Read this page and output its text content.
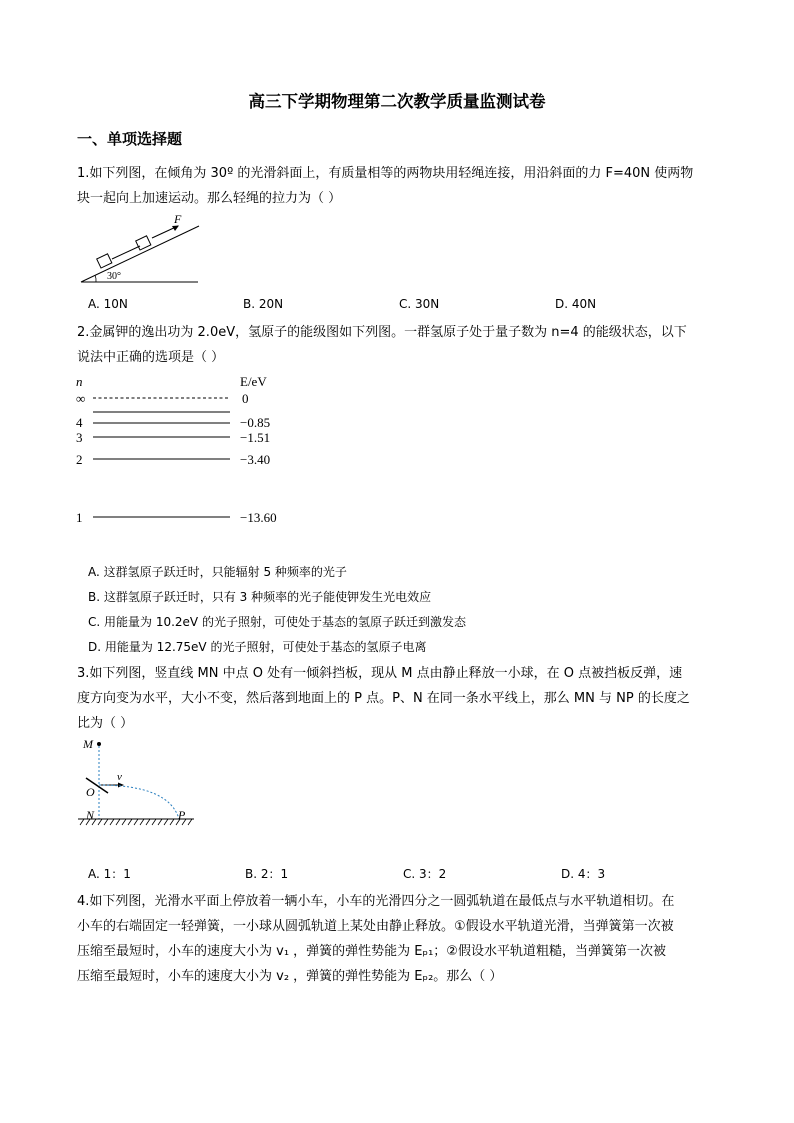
高三下学期物理第二次教学质量监测试卷
一、单项选择题
1.如下列图，在倾角为 30º 的光滑斜面上，有质量相等的两物块用轻绳连接，用沿斜面的力 F=40N 使两物
块一起向上加速运动。那么轻绳的拉力为（ ）
F
30°
A. 10N	B. 20N	C. 30N	D. 40N
2.金属钾的逸出功为 2.0eV，氢原子的能级图如下列图。一群氢原子处于量子数为 n=4 的能级状态，以下
说法中正确的选项是（ ）
n	E/eV
∞	0
4	−0.85
3	−1.51
2	−3.40
1	−13.60
A. 这群氢原子跃迁时，只能辐射 5 种频率的光子
B. 这群氢原子跃迁时，只有 3 种频率的光子能使钾发生光电效应
C. 用能量为 10.2eV 的光子照射，可使处于基态的氢原子跃迁到激发态
D. 用能量为 12.75eV 的光子照射，可使处于基态的氢原子电离
3.如下列图，竖直线 MN 中点 O 处有一倾斜挡板，现从 M 点由静止释放一小球，在 O 点被挡板反弹，速
度方向变为水平，大小不变，然后落到地面上的 P 点。P、N 在同一条水平线上，那么 MN 与 NP 的长度之
比为（ ）
M
O
v
N	P
A. 1：1	B. 2：1	C. 3：2	D. 4：3
4.如下列图，光滑水平面上停放着一辆小车，小车的光滑四分之一圆弧轨道在最低点与水平轨道相切。在
小车的右端固定一轻弹簧，一小球从圆弧轨道上某处由静止释放。①假设水平轨道光滑，当弹簧第一次被
压缩至最短时，小车的速度大小为 v₁ ，弹簧的弹性势能为 Eₚ₁；②假设水平轨道粗糙，当弹簧第一次被
压缩至最短时，小车的速度大小为 v₂ ，弹簧的弹性势能为 Eₚ₂。那么（ ）
